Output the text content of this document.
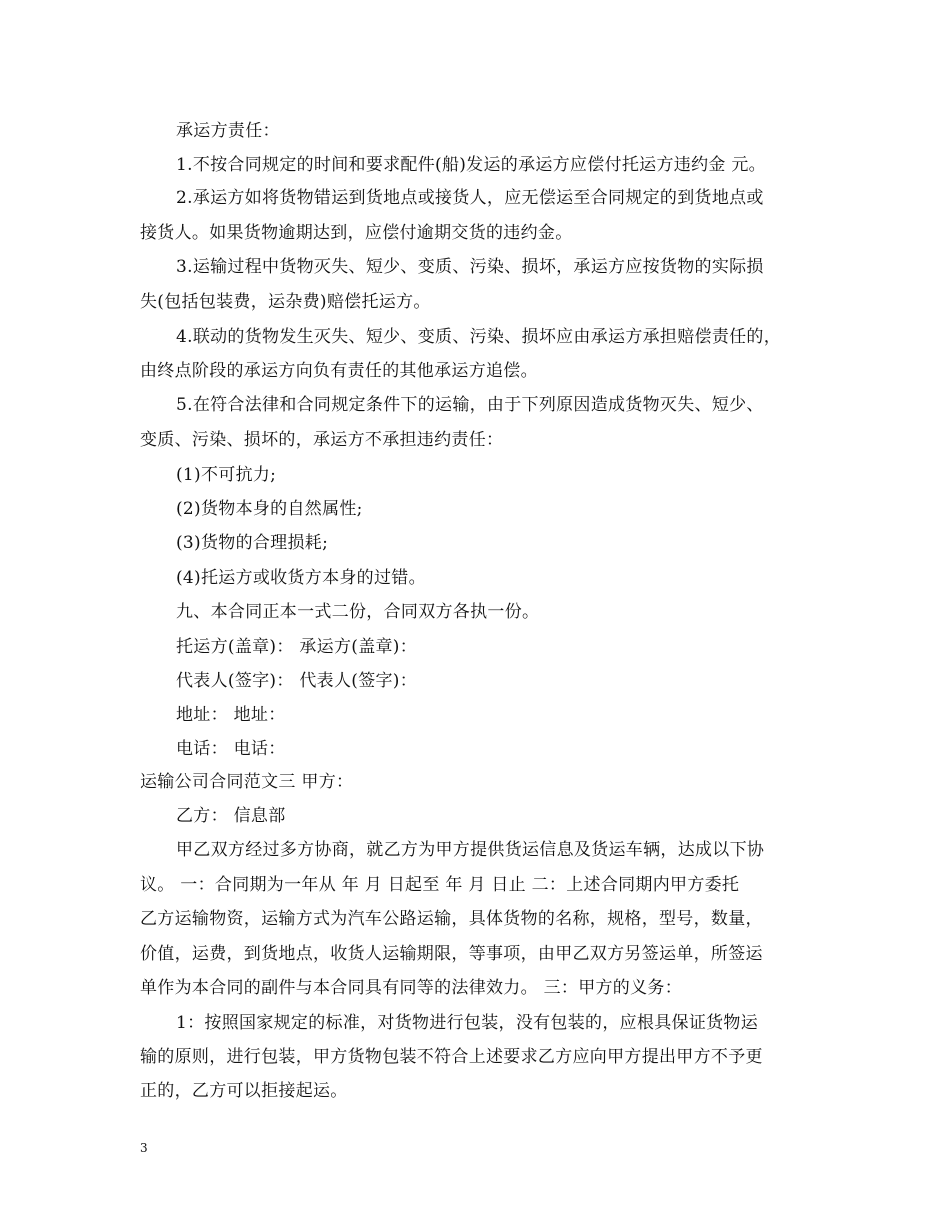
承运方责任：
1.不按合同规定的时间和要求配件(船)发运的承运方应偿付托运方违约金 元。
2.承运方如将货物错运到货地点或接货人，应无偿运至合同规定的到货地点或
接货人。如果货物逾期达到，应偿付逾期交货的违约金。
3.运输过程中货物灭失、短少、变质、污染、损坏，承运方应按货物的实际损
失(包括包装费，运杂费)赔偿托运方。
4.联动的货物发生灭失、短少、变质、污染、损坏应由承运方承担赔偿责任的，
由终点阶段的承运方向负有责任的其他承运方追偿。
5.在符合法律和合同规定条件下的运输，由于下列原因造成货物灭失、短少、
变质、污染、损坏的，承运方不承担违约责任：
(1)不可抗力;
(2)货物本身的自然属性;
(3)货物的合理损耗;
(4)托运方或收货方本身的过错。
九、本合同正本一式二份，合同双方各执一份。
托运方(盖章)： 承运方(盖章)：
代表人(签字)： 代表人(签字)：
地址： 地址：
电话： 电话：
运输公司合同范文三 甲方：
乙方： 信息部
甲乙双方经过多方协商，就乙方为甲方提供货运信息及货运车辆，达成以下协
议。 一：合同期为一年从 年 月 日起至 年 月 日止 二：上述合同期内甲方委托
乙方运输物资，运输方式为汽车公路运输，具体货物的名称，规格，型号，数量，
价值，运费，到货地点，收货人运输期限，等事项，由甲乙双方另签运单，所签运
单作为本合同的副件与本合同具有同等的法律效力。 三：甲方的义务：
1：按照国家规定的标准，对货物进行包装，没有包装的，应根具保证货物运
输的原则，进行包装，甲方货物包装不符合上述要求乙方应向甲方提出甲方不予更
正的，乙方可以拒接起运。
3
